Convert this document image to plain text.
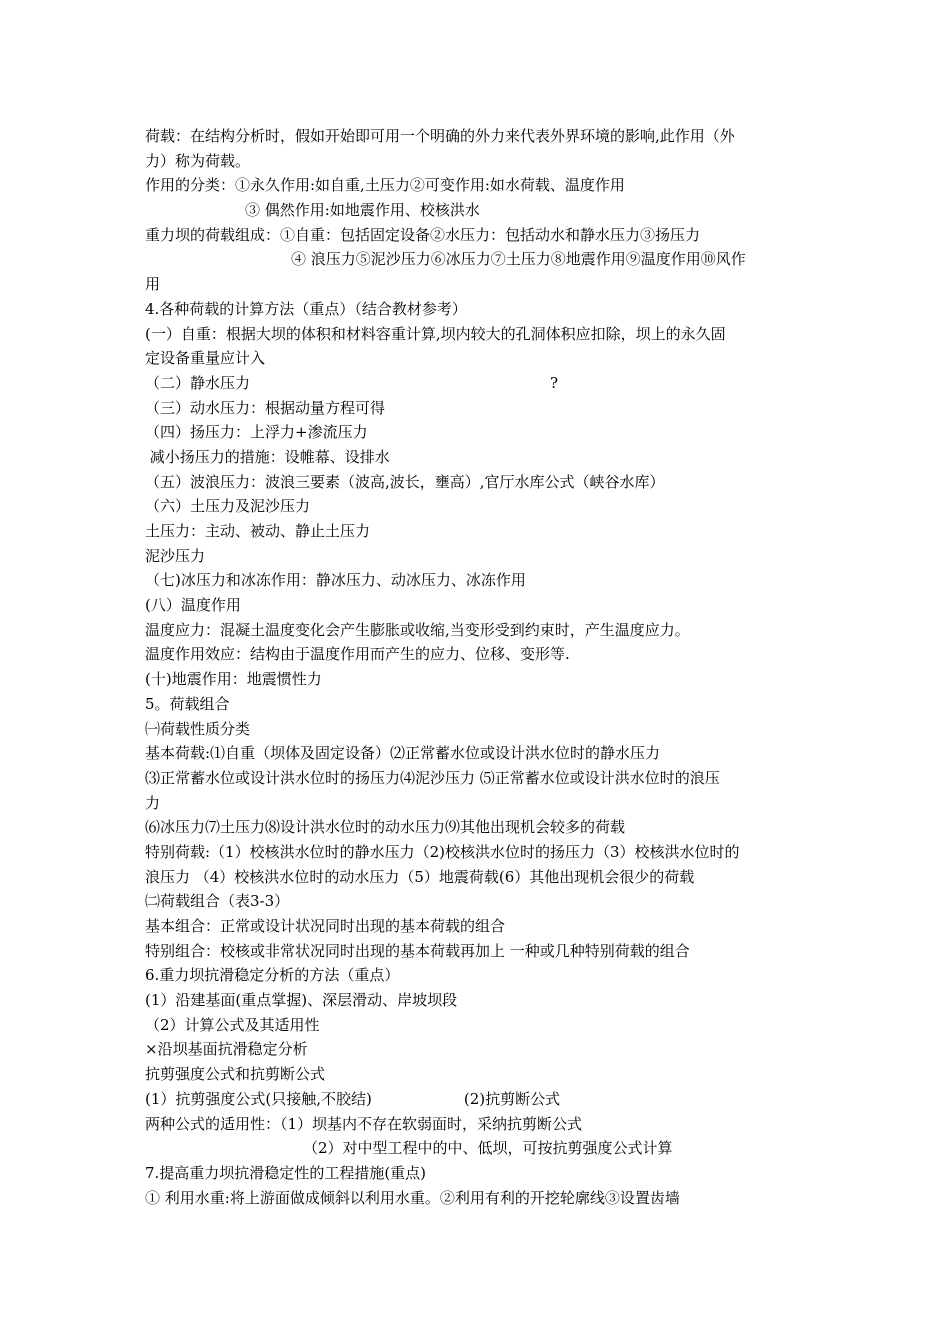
荷载：在结构分析时，假如开始即可用一个明确的外力来代表外界环境的影响,此作用（外
力）称为荷载。
作用的分类：①永久作用:如自重,土压力②可变作用:如水荷载、温度作用
③ 偶然作用:如地震作用、校核洪水
重力坝的荷载组成：①自重：包括固定设备②水压力：包括动水和静水压力③扬压力
④ 浪压力⑤泥沙压力⑥冰压力⑦土压力⑧地震作用⑨温度作用⑩风作
用
4.各种荷载的计算方法（重点）（结合教材参考）
(一）自重：根据大坝的体积和材料容重计算,坝内较大的孔洞体积应扣除，坝上的永久固
定设备重量应计入
（二）静水压力	?
（三）动水压力：根据动量方程可得
（四）扬压力：上浮力+渗流压力
减小扬压力的措施：设帷幕、设排水
（五）波浪压力：波浪三要素（波高,波长，壅高）,官厅水库公式（峡谷水库）
（六）土压力及泥沙压力
土压力：主动、被动、静止土压力
泥沙压力
（七)冰压力和冰冻作用：静冰压力、动冰压力、冰冻作用
(八）温度作用
温度应力：混凝土温度变化会产生膨胀或收缩,当变形受到约束时，产生温度应力。
温度作用效应：结构由于温度作用而产生的应力、位移、变形等.
(十)地震作用：地震惯性力
5。荷载组合
㈠荷载性质分类
基本荷载:⑴自重（坝体及固定设备）⑵正常蓄水位或设计洪水位时的静水压力
⑶正常蓄水位或设计洪水位时的扬压力⑷泥沙压力 ⑸正常蓄水位或设计洪水位时的浪压
力
⑹冰压力⑺土压力⑻设计洪水位时的动水压力⑼其他出现机会较多的荷载
特别荷载:（1）校核洪水位时的静水压力（2)校核洪水位时的扬压力（3）校核洪水位时的
浪压力 （4）校核洪水位时的动水压力（5）地震荷载(6）其他出现机会很少的荷载
㈡荷载组合（表3-3）
基本组合：正常或设计状况同时出现的基本荷载的组合
特别组合：校核或非常状况同时出现的基本荷载再加上 一种或几种特别荷载的组合
6.重力坝抗滑稳定分析的方法（重点）
(1）沿建基面(重点掌握)、深层滑动、岸坡坝段
（2）计算公式及其适用性
×沿坝基面抗滑稳定分析
抗剪强度公式和抗剪断公式
(1）抗剪强度公式(只接触,不胶结)	(2)抗剪断公式
两种公式的适用性：（1）坝基内不存在软弱面时，采纳抗剪断公式
（2）对中型工程中的中、低坝，可按抗剪强度公式计算
7.提高重力坝抗滑稳定性的工程措施(重点)
① 利用水重:将上游面做成倾斜以利用水重。②利用有利的开挖轮廓线③设置齿墙
